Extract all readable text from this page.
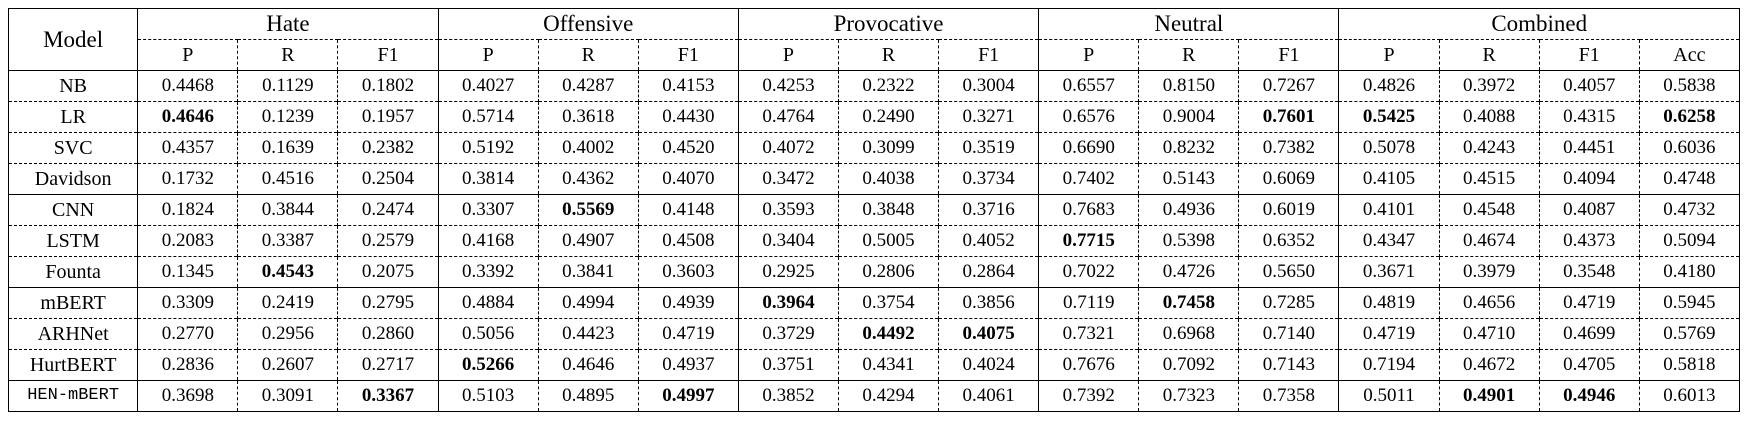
Model	Hate			Offensive			Provocative			Neutral			Combined			
	P	R	F1	P	R	F1	P	R	F1	P	R	F1	P	R	F1	Acc
NB	0.4468	0.1129	0.1802	0.4027	0.4287	0.4153	0.4253	0.2322	0.3004	0.6557	0.8150	0.7267	0.4826	0.3972	0.4057	0.5838
LR	0.4646	0.1239	0.1957	0.5714	0.3618	0.4430	0.4764	0.2490	0.3271	0.6576	0.9004	0.7601	0.5425	0.4088	0.4315	0.6258
SVC	0.4357	0.1639	0.2382	0.5192	0.4002	0.4520	0.4072	0.3099	0.3519	0.6690	0.8232	0.7382	0.5078	0.4243	0.4451	0.6036
Davidson	0.1732	0.4516	0.2504	0.3814	0.4362	0.4070	0.3472	0.4038	0.3734	0.7402	0.5143	0.6069	0.4105	0.4515	0.4094	0.4748
CNN	0.1824	0.3844	0.2474	0.3307	0.5569	0.4148	0.3593	0.3848	0.3716	0.7683	0.4936	0.6019	0.4101	0.4548	0.4087	0.4732
LSTM	0.2083	0.3387	0.2579	0.4168	0.4907	0.4508	0.3404	0.5005	0.4052	0.7715	0.5398	0.6352	0.4347	0.4674	0.4373	0.5094
Founta	0.1345	0.4543	0.2075	0.3392	0.3841	0.3603	0.2925	0.2806	0.2864	0.7022	0.4726	0.5650	0.3671	0.3979	0.3548	0.4180
mBERT	0.3309	0.2419	0.2795	0.4884	0.4994	0.4939	0.3964	0.3754	0.3856	0.7119	0.7458	0.7285	0.4819	0.4656	0.4719	0.5945
ARHNet	0.2770	0.2956	0.2860	0.5056	0.4423	0.4719	0.3729	0.4492	0.4075	0.7321	0.6968	0.7140	0.4719	0.4710	0.4699	0.5769
HurtBERT	0.2836	0.2607	0.2717	0.5266	0.4646	0.4937	0.3751	0.4341	0.4024	0.7676	0.7092	0.7143	0.7194	0.4672	0.4705	0.5818
HEN-mBERT	0.3698	0.3091	0.3367	0.5103	0.4895	0.4997	0.3852	0.4294	0.4061	0.7392	0.7323	0.7358	0.5011	0.4901	0.4946	0.6013
